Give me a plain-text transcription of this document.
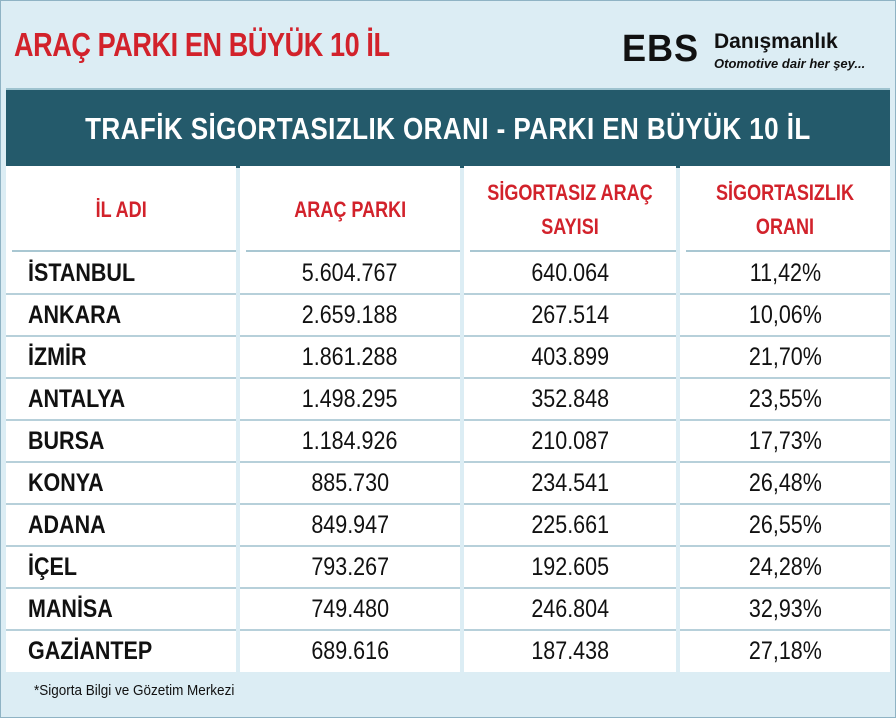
ARAÇ PARKI EN BÜYÜK 10 İL	EBS Danışmanlık
Otomotive dair her şey...
TRAFİK SİGORTASIZLIK ORANI - PARKI EN BÜYÜK 10 İL
İL ADI
İSTANBUL
ANKARA
İZMİR
ANTALYA
BURSA
KONYA
ADANA
İÇEL
MANİSA
GAZİANTEP
ARAÇ PARKI
5.604.767
2.659.188
1.861.288
1.498.295
1.184.926
885.730
849.947
793.267
749.480
689.616
SİGORTASIZ ARAÇ SAYISI
640.064
267.514
403.899
352.848
210.087
234.541
225.661
192.605
246.804
187.438
SİGORTASIZLIK ORANI
11,42%
10,06%
21,70%
23,55%
17,73%
26,48%
26,55%
24,28%
32,93%
27,18%
*Sigorta Bilgi ve Gözetim Merkezi
